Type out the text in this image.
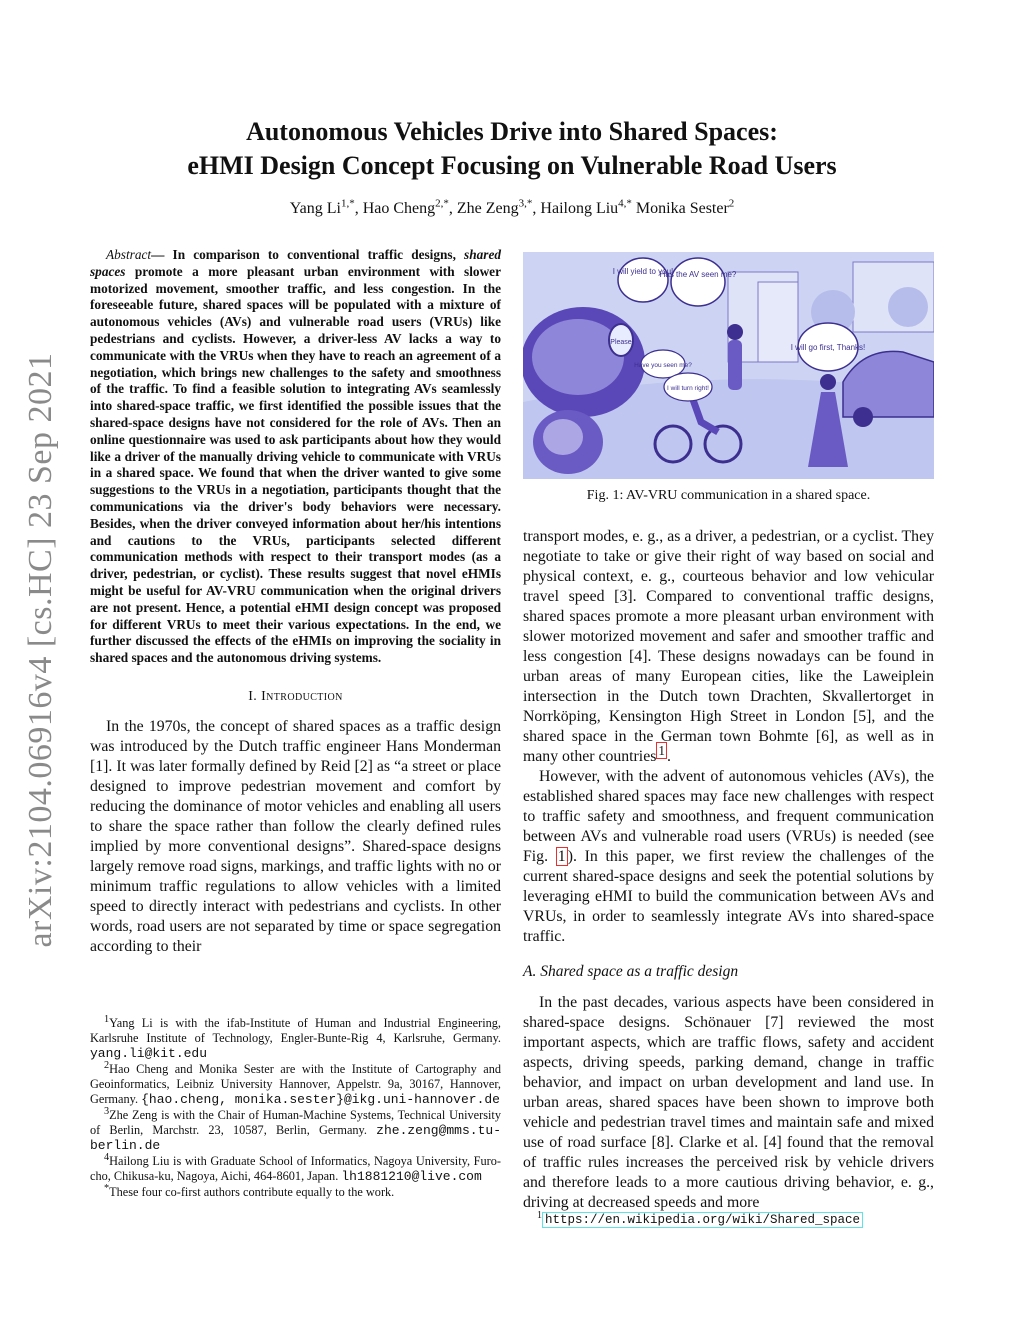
arXiv:2104.06916v4 [cs.HC] 23 Sep 2021
Autonomous Vehicles Drive into Shared Spaces:
eHMI Design Concept Focusing on Vulnerable Road Users
Yang $Li^{1,*}$, Hao Cheng$^{2,*}$, Zhe Zeng$^{3,*}$, Hailong Liu$^{4,*}$ Monika Sester$^2$

Abstract— In comparison to conventional traffic designs, shared spaces promote a more pleasant urban environment with slower motorized movement, smoother traffic, and less congestion. In the foreseeable future, shared spaces will be populated with a mixture of autonomous vehicles (AVs) and vulnerable road users (VRUs) like pedestrians and cyclists. However, a driver-less AV lacks a way to communicate with the VRUs when they have to reach an agreement of a negotiation, which brings new challenges to the safety and smoothness of the traffic. To find a feasible solution to integrating AVs seamlessly into shared-space traffic, we first identified the possible issues that the shared-space designs have not considered for the role of AVs. Then an online questionnaire was used to ask participants about how they would like a driver of the manually driving vehicle to communicate with VRUs in a shared space. We found that when the driver wanted to give some suggestions to the VRUs in a negotiation, participants thought that the communications via the driver's body behaviors were necessary. Besides, when the driver conveyed information about her/his intentions and cautions to the VRUs, participants selected different communication methods with respect to their transport modes (as a driver, pedestrian, or cyclist). These results suggest that novel eHMIs might be useful for AV-VRU communication when the original drivers are not present. Hence, a potential eHMI design concept was proposed for different VRUs to meet their various expectations. In the end, we further discussed the effects of the eHMIs on improving the sociality in shared spaces and the autonomous driving systems.

I. Introduction

In the 1970s, the concept of shared spaces as a traffic design was introduced by the Dutch traffic engineer Hans Monderman [1]. It was later formally defined by Reid [2] as “a street or place designed to improve pedestrian movement and comfort by reducing the dominance of motor vehicles and enabling all users to share the space rather than follow the clearly defined rules implied by more conventional designs”. Shared-space designs largely remove road signs, markings, and traffic lights with no or minimum traffic regulations to allow vehicles with a limited speed to directly interact with pedestrians and cyclists. In other words, road users are not separated by time or space segregation according to their

$^1$Yang Li is with the ifab-Institute of Human and Industrial Engineering, Karlsruhe Institute of Technology, Engler-Bunte-Rig 4, Karlsruhe, Germany. yang.li@kit.edu

$^2$Hao Cheng and Monika Sester are with the Institute of Cartography and Geoinformatics, Leibniz University Hannover, Appelstr. 9a, 30167, Hannover, Germany. {hao.cheng, monika.sester}@ikg.uni-hannover.de

$^3$Zhe Zeng is with the Chair of Human-Machine Systems, Technical University of Berlin, Marchstr. 23, 10587, Berlin, Germany. zhe.zeng@mms.tu-berlin.de

$^4$Hailong Liu is with Graduate School of Informatics, Nagoya University, Furo-cho, Chikusa-ku, Nagoya, Aichi, 464-8601, Japan. lh1881210@live.com

*These four co-first authors contribute equally to the work.

Please
I will yield to you!
Has the AV seen me?
I will go first, Thanks!
Have you seen me?
I will turn right!
Fig. 1: AV-VRU communication in a shared space.

transport modes, e. g., as a driver, a pedestrian, or a cyclist. They negotiate to take or give their right of way based on social and physical context, e. g., courteous behavior and low vehicular travel speed [3]. Compared to conventional traffic designs, shared spaces promote a more pleasant urban environment with slower motorized movement and safer and smoother traffic and less congestion [4]. These designs nowadays can be found in urban areas of many European cities, like the Laweiplein intersection in the Dutch town Drachten, Skvallertorget in Norrköping, Kensington High Street in London [5], and the shared space in the German town Bohmte [6], as well as in many other countries $^1$ .

However, with the advent of autonomous vehicles (AVs), the established shared spaces may face new challenges with respect to traffic safety and smoothness, and frequent communication between AVs and vulnerable road users (VRUs) is needed (see Fig. 1 ). In this paper, we first review the challenges of the current shared-space designs and seek the potential solutions by leveraging eHMI to build the communication between AVs and VRUs, in order to seamlessly integrate AVs into shared-space traffic.

A. Shared space as a traffic design

In the past decades, various aspects have been considered in shared-space designs. Schönauer [7] reviewed the most important aspects, which are traffic flows, safety and accident aspects, driving speeds, parking demand, change in traffic behavior, and impact on urban development and land use. In urban areas, shared spaces have been shown to improve both vehicle and pedestrian travel times and maintain safe and mixed use of road surface [8]. Clarke et al. [4] found that the removal of traffic rules increases the perceived risk by vehicle drivers and therefore leads to a more cautious driving behavior, e. g., driving at decreased speeds and more

$^1$ https://en.wikipedia.org/wiki/Shared_space
